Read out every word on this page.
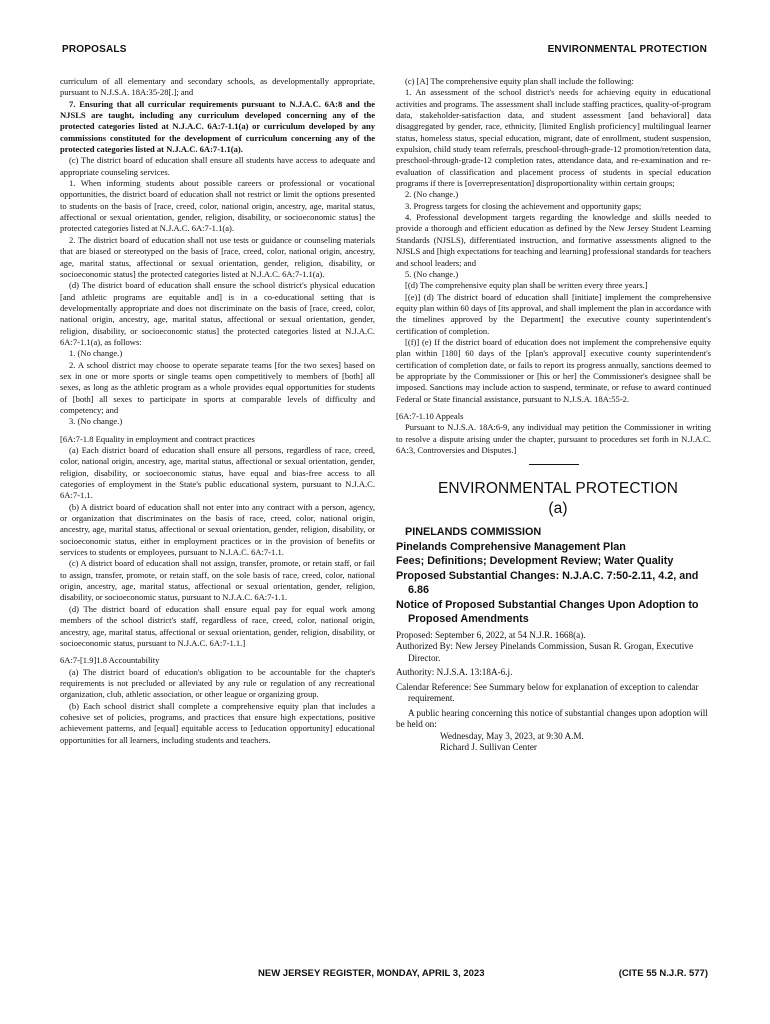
PROPOSALS	ENVIRONMENTAL PROTECTION

curriculum of all elementary and secondary schools, as developmentally appropriate, pursuant to N.J.S.A. 18A:35-28[.]; and

7. Ensuring that all curricular requirements pursuant to N.J.A.C. 6A:8 and the NJSLS are taught, including any curriculum developed concerning any of the protected categories listed at N.J.A.C. 6A:7-1.1(a) or curriculum developed by any commissions constituted for the development of curriculum concerning any of the protected categories listed at N.J.A.C. 6A:7-1.1(a).

(c) The district board of education shall ensure all students have access to adequate and appropriate counseling services.

1. When informing students about possible careers or professional or vocational opportunities, the district board of education shall not restrict or limit the options presented to students on the basis of [race, creed, color, national origin, ancestry, age, marital status, affectional or sexual orientation, gender, religion, disability, or socioeconomic status] the protected categories listed at N.J.A.C. 6A:7-1.1(a).

2. The district board of education shall not use tests or guidance or counseling materials that are biased or stereotyped on the basis of [race, creed, color, national origin, ancestry, age, marital status, affectional or sexual orientation, gender, religion, disability, or socioeconomic status] the protected categories listed at N.J.A.C. 6A:7-1.1(a).

(d) The district board of education shall ensure the school district's physical education [and athletic programs are equitable and] is in a co-educational setting that is developmentally appropriate and does not discriminate on the basis of [race, creed, color, national origin, ancestry, age, marital status, affectional or sexual orientation, gender, religion, disability, or socioeconomic status] the protected categories listed at N.J.A.C. 6A:7-1.1(a), as follows:

1. (No change.)

2. A school district may choose to operate separate teams [for the two sexes] based on sex in one or more sports or single teams open competitively to members of [both] all sexes, as long as the athletic program as a whole provides equal opportunities for students of [both] all sexes to participate in sports at comparable levels of difficulty and competency; and

3. (No change.)

[6A:7-1.8 Equality in employment and contract practices

(a) Each district board of education shall ensure all persons, regardless of race, creed, color, national origin, ancestry, age, marital status, affectional or sexual orientation, gender, religion, disability, or socioeconomic status, have equal and bias-free access to all categories of employment in the State's public educational system, pursuant to N.J.A.C. 6A:7-1.1.

(b) A district board of education shall not enter into any contract with a person, agency, or organization that discriminates on the basis of race, creed, color, national origin, ancestry, age, marital status, affectional or sexual orientation, gender, religion, disability, or socioeconomic status, either in employment practices or in the provision of benefits or services to students or employees, pursuant to N.J.A.C. 6A:7-1.1.

(c) A district board of education shall not assign, transfer, promote, or retain staff, or fail to assign, transfer, promote, or retain staff, on the sole basis of race, creed, color, national origin, ancestry, age, marital status, affectional or sexual orientation, gender, religion, disability, or socioeconomic status, pursuant to N.J.A.C. 6A:7-1.1.

(d) The district board of education shall ensure equal pay for equal work among members of the school district's staff, regardless of race, creed, color, national origin, ancestry, age, marital status, affectional or sexual orientation, gender, religion, disability, or socioeconomic status, pursuant to N.J.A.C. 6A:7-1.1.]

6A:7-[1.9]1.8 Accountability

(a) The district board of education's obligation to be accountable for the chapter's requirements is not precluded or alleviated by any rule or regulation of any recreational organization, club, athletic association, or other league or organizing group.

(b) Each school district shall complete a comprehensive equity plan that includes a cohesive set of policies, programs, and practices that ensure high expectations, positive achievement patterns, and [equal] equitable access to [education opportunity] educational opportunities for all learners, including students and teachers.

(c) [A] The comprehensive equity plan shall include the following:

1. An assessment of the school district's needs for achieving equity in educational activities and programs. The assessment shall include staffing practices, quality-of-program data, stakeholder-satisfaction data, and student assessment [and behavioral] data disaggregated by gender, race, ethnicity, [limited English proficiency] multilingual learner status, homeless status, special education, migrant, date of enrollment, student suspension, expulsion, child study team referrals, preschool-through-grade-12 promotion/retention data, preschool-through-grade-12 completion rates, attendance data, and re-examination and re-evaluation of classification and placement process of students in special education programs if there is [overrepresentation] disproportionality within certain groups;

2. (No change.)

3. Progress targets for closing the achievement and opportunity gaps;

4. Professional development targets regarding the knowledge and skills needed to provide a thorough and efficient education as defined by the New Jersey Student Learning Standards (NJSLS), differentiated instruction, and formative assessments aligned to the NJSLS and [high expectations for teaching and learning] professional standards for teachers and school leaders; and

5. (No change.)

[(d) The comprehensive equity plan shall be written every three years.]

[(e)] (d) The district board of education shall [initiate] implement the comprehensive equity plan within 60 days of [its approval, and shall implement the plan in accordance with the timelines approved by the Department] the executive county superintendent's certification of completion.

[(f)] (e) If the district board of education does not implement the comprehensive equity plan within [180] 60 days of the [plan's approval] executive county superintendent's certification of completion date, or fails to report its progress annually, sanctions deemed to be appropriate by the Commissioner or [his or her] the Commissioner's designee shall be imposed. Sanctions may include action to suspend, terminate, or refuse to award continued Federal or State financial assistance, pursuant to N.J.S.A. 18A:55-2.

[6A:7-1.10 Appeals

Pursuant to N.J.S.A. 18A:6-9, any individual may petition the Commissioner in writing to resolve a dispute arising under the chapter, pursuant to procedures set forth in N.J.A.C. 6A:3, Controversies and Disputes.]

ENVIRONMENTAL PROTECTION

(a)

PINELANDS COMMISSION

Pinelands Comprehensive Management Plan

Fees; Definitions; Development Review; Water Quality

Proposed Substantial Changes: N.J.A.C. 7:50-2.11, 4.2, and 6.86

Notice of Proposed Substantial Changes Upon Adoption to Proposed Amendments

Proposed: September 6, 2022, at 54 N.J.R. 1668(a).

Authorized By: New Jersey Pinelands Commission, Susan R. Grogan, Executive Director.

Authority: N.J.S.A. 13:18A-6.j.

Calendar Reference: See Summary below for explanation of exception to calendar requirement.

A public hearing concerning this notice of substantial changes upon adoption will be held on:

Wednesday, May 3, 2023, at 9:30 A.M.

Richard J. Sullivan Center

NEW JERSEY REGISTER, MONDAY, APRIL 3, 2023	(CITE 55 N.J.R. 577)
